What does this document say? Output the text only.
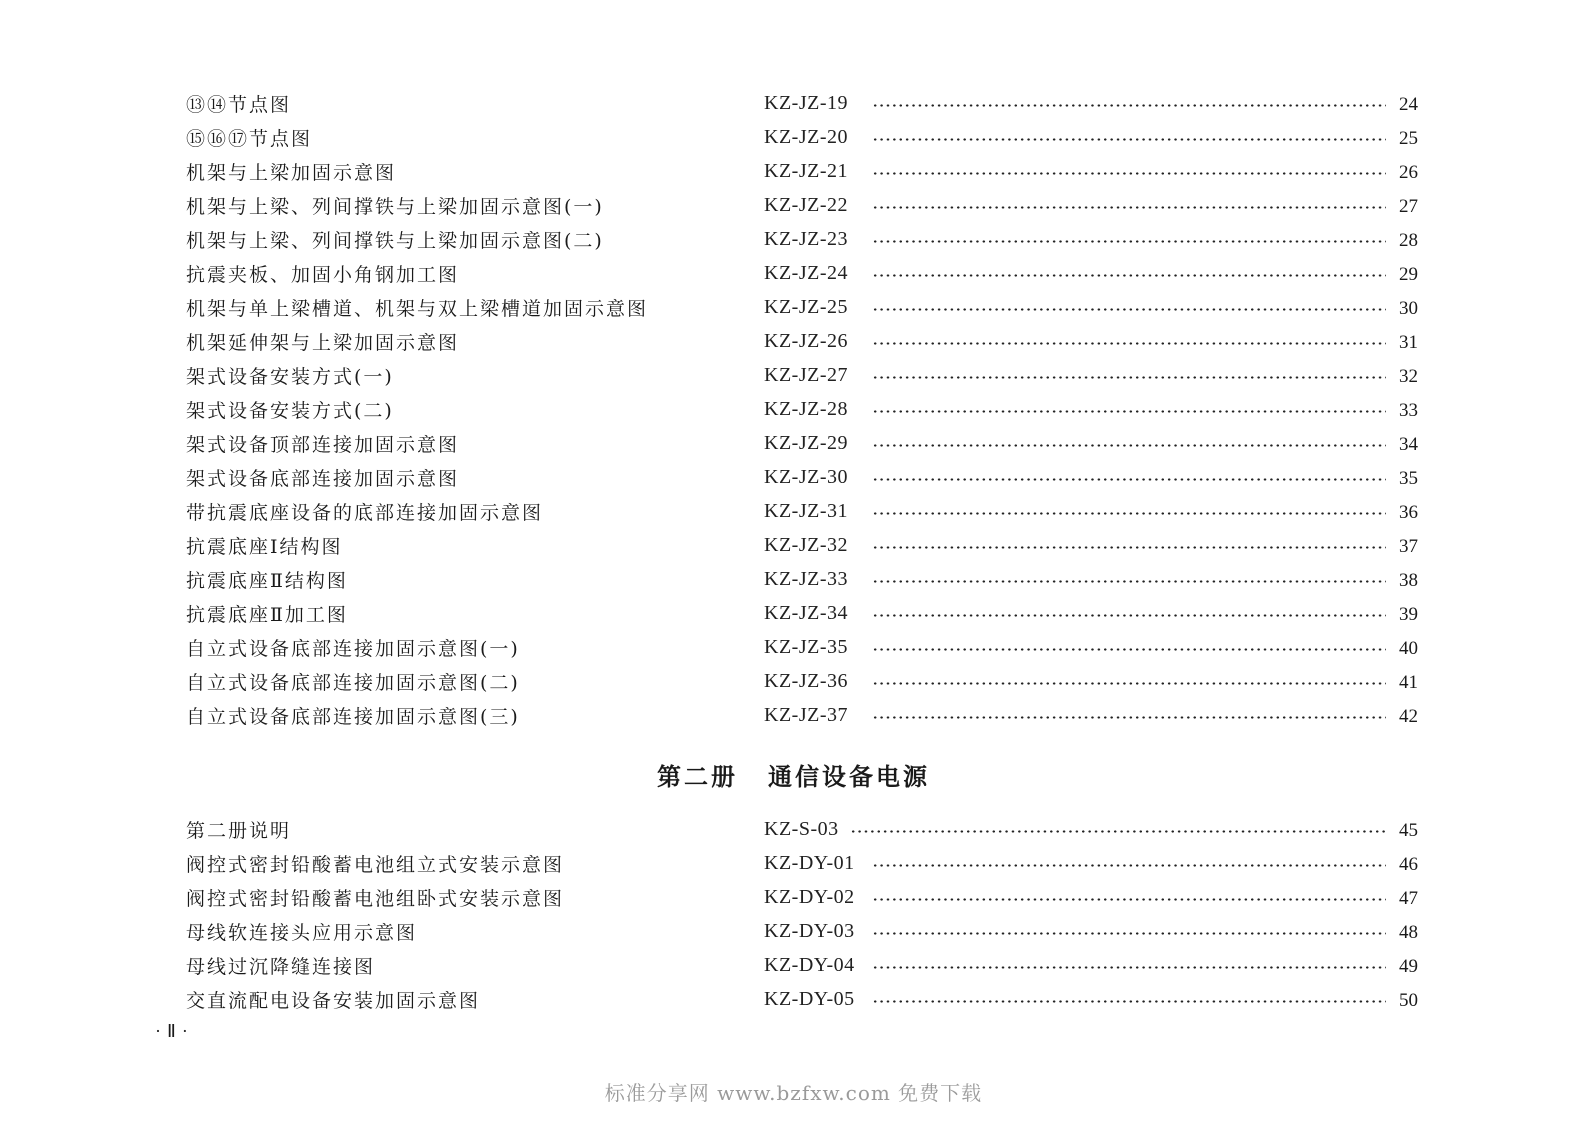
⑬⑭节点图	KZ-JZ-19	24
⑮⑯⑰节点图	KZ-JZ-20	25
机架与上梁加固示意图	KZ-JZ-21	26
机架与上梁、列间撑铁与上梁加固示意图(一)	KZ-JZ-22	27
机架与上梁、列间撑铁与上梁加固示意图(二)	KZ-JZ-23	28
抗震夹板、加固小角钢加工图	KZ-JZ-24	29
机架与单上梁槽道、机架与双上梁槽道加固示意图	KZ-JZ-25	30
机架延伸架与上梁加固示意图	KZ-JZ-26	31
架式设备安装方式(一)	KZ-JZ-27	32
架式设备安装方式(二)	KZ-JZ-28	33
架式设备顶部连接加固示意图	KZ-JZ-29	34
架式设备底部连接加固示意图	KZ-JZ-30	35
带抗震底座设备的底部连接加固示意图	KZ-JZ-31	36
抗震底座Ⅰ结构图	KZ-JZ-32	37
抗震底座Ⅱ结构图	KZ-JZ-33	38
抗震底座Ⅱ加工图	KZ-JZ-34	39
自立式设备底部连接加固示意图(一)	KZ-JZ-35	40
自立式设备底部连接加固示意图(二)	KZ-JZ-36	41
自立式设备底部连接加固示意图(三)	KZ-JZ-37	42
第二册 通信设备电源
第二册说明	KZ-S-03	45
阀控式密封铅酸蓄电池组立式安装示意图	KZ-DY-01	46
阀控式密封铅酸蓄电池组卧式安装示意图	KZ-DY-02	47
母线软连接头应用示意图	KZ-DY-03	48
母线过沉降缝连接图	KZ-DY-04	49
交直流配电设备安装加固示意图	KZ-DY-05	50
·Ⅱ·
标准分享网 www.bzfxw.com 免费下载
